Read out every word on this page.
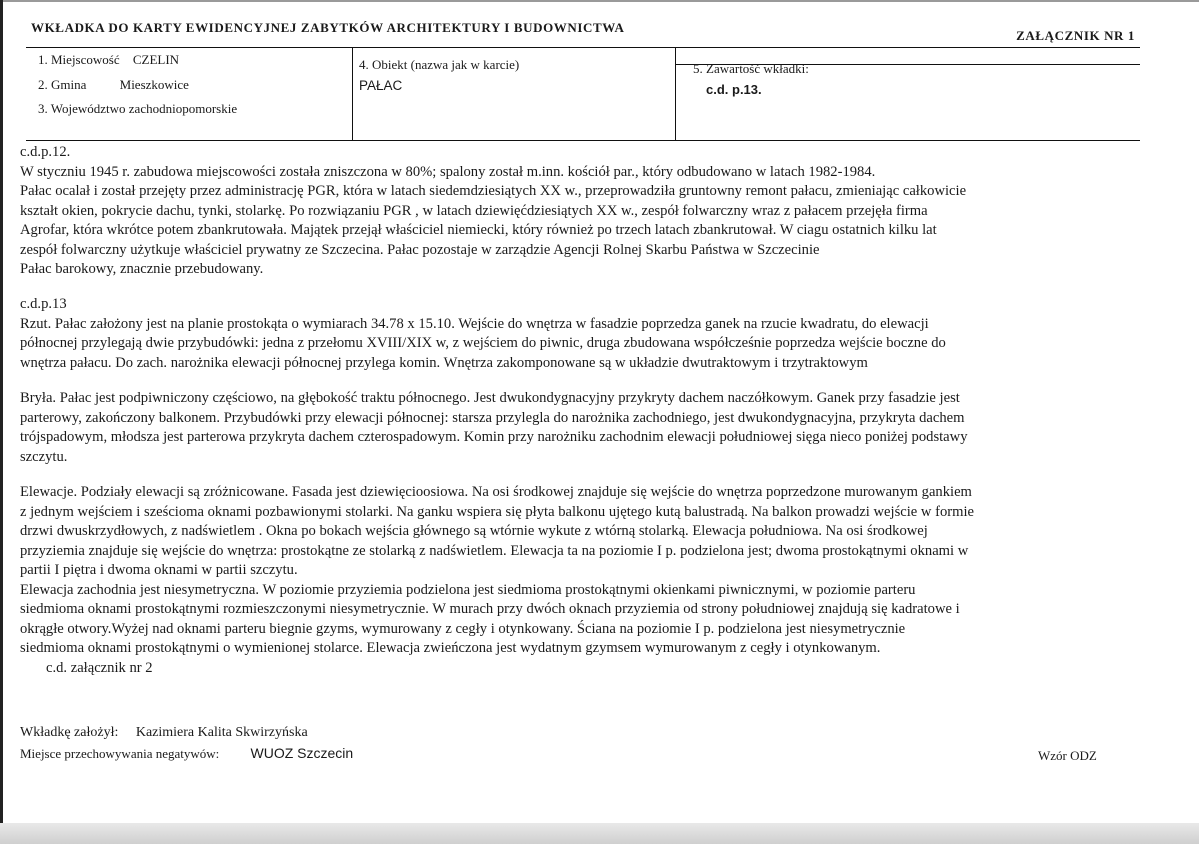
WKŁADKA DO KARTY EWIDENCYJNEJ ZABYTKÓW ARCHITEKTURY I BUDOWNICTWA
ZAŁĄCZNIK NR 1
1. Miejscowość CZELIN
2. Gmina	Mieszkowice
3. Województwo zachodniopomorskie
4. Obiekt (nazwa jak w karcie)
PAŁAC
5. Zawartość wkładki:
c.d. p.13.

c.d.p.12.

W styczniu 1945 r. zabudowa miejscowości została zniszczona w 80%; spalony został m.inn. kościół par., który odbudowano w latach 1982-1984.

Pałac ocalał i został przejęty przez administrację PGR, która w latach siedemdziesiątych XX w., przeprowadziła gruntowny remont pałacu, zmieniając całkowicie

kształt okien, pokrycie dachu, tynki, stolarkę. Po rozwiązaniu PGR , w latach dziewięćdziesiątych XX w., zespół folwarczny wraz z pałacem przejęła firma

Agrofar, która wkrótce potem zbankrutowała. Majątek przejął właściciel niemiecki, który również po trzech latach zbankrutował. W ciagu ostatnich kilku lat

zespół folwarczny użytkuje właściciel prywatny ze Szczecina. Pałac pozostaje w zarządzie Agencji Rolnej Skarbu Państwa w Szczecinie

Pałac barokowy, znacznie przebudowany.

c.d.p.13

Rzut. Pałac założony jest na planie prostokąta o wymiarach 34.78 x 15.10. Wejście do wnętrza w fasadzie poprzedza ganek na rzucie kwadratu, do elewacji

północnej przylegają dwie przybudówki: jedna z przełomu XVIII/XIX w, z wejściem do piwnic, druga zbudowana współcześnie poprzedza wejście boczne do

wnętrza pałacu. Do zach. narożnika elewacji północnej przylega komin. Wnętrza zakomponowane są w układzie dwutraktowym i trzytraktowym

Bryła. Pałac jest podpiwniczony częściowo, na głębokość traktu północnego. Jest dwukondygnacyjny przykryty dachem naczółkowym. Ganek przy fasadzie jest

parterowy, zakończony balkonem. Przybudówki przy elewacji północnej: starsza przylegla do narożnika zachodniego, jest dwukondygnacyjna, przykryta dachem

trójspadowym, młodsza jest parterowa przykryta dachem czterospadowym. Komin przy narożniku zachodnim elewacji południowej sięga nieco poniżej podstawy

szczytu.

Elewacje. Podziały elewacji są zróżnicowane. Fasada jest dziewięcioosiowa. Na osi środkowej znajduje się wejście do wnętrza poprzedzone murowanym gankiem

z jednym wejściem i sześcioma oknami pozbawionymi stolarki. Na ganku wspiera się płyta balkonu ujętego kutą balustradą. Na balkon prowadzi wejście w formie

drzwi dwuskrzydłowych, z nadświetlem . Okna po bokach wejścia głównego są wtórnie wykute z wtórną stolarką. Elewacja południowa. Na osi środkowej

przyziemia znajduje się wejście do wnętrza: prostokątne ze stolarką z nadświetlem. Elewacja ta na poziomie I p. podzielona jest; dwoma prostokątnymi oknami w

partii I piętra i dwoma oknami w partii szczytu.

Elewacja zachodnia jest niesymetryczna. W poziomie przyziemia podzielona jest siedmioma prostokątnymi okienkami piwnicznymi, w poziomie parteru

siedmioma oknami prostokątnymi rozmieszczonymi niesymetrycznie. W murach przy dwóch oknach przyziemia od strony południowej znajdują się kadratowe i

okrągłe otwory.Wyżej nad oknami parteru biegnie gzyms, wymurowany z cegły i otynkowany. Ściana na poziomie I p. podzielona jest niesymetrycznie

siedmioma oknami prostokątnymi o wymienionej stolarce. Elewacja zwieńczona jest wydatnym gzymsem wymurowanym z cegły i otynkowanym.

c.d. załącznik nr 2

Wkładkę założył: Kazimiera Kalita Skwirzyńska
Miejsce przechowywania negatywów: WUOZ Szczecin	Wzór ODZ
